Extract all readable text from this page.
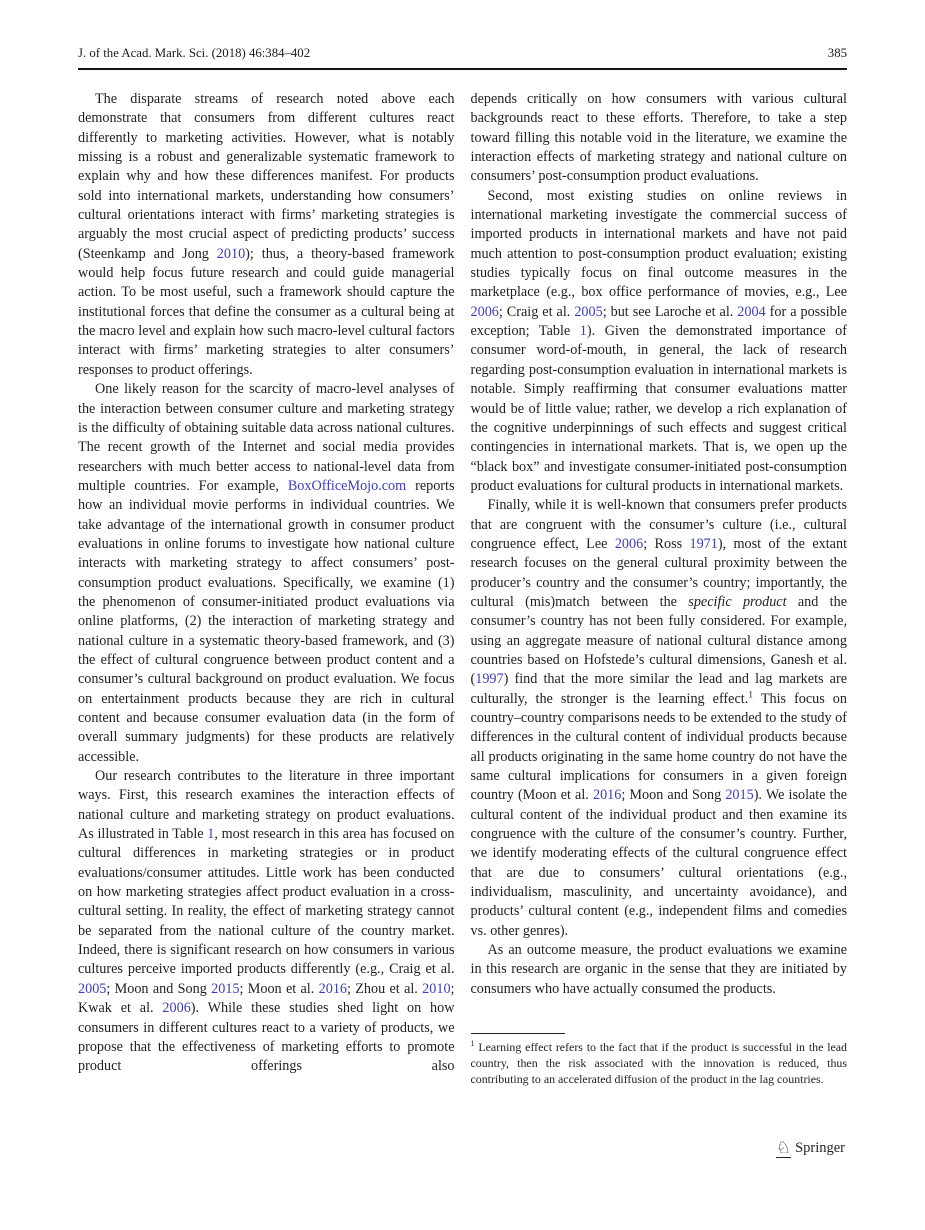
J. of the Acad. Mark. Sci. (2018) 46:384–402	385

The disparate streams of research noted above each demonstrate that consumers from different cultures react differently to marketing activities. However, what is notably missing is a robust and generalizable systematic framework to explain why and how these differences manifest. For products sold into international markets, understanding how consumers’ cultural orientations interact with firms’ marketing strategies is arguably the most crucial aspect of predicting products’ success (Steenkamp and Jong 2010); thus, a theory-based framework would help focus future research and could guide managerial action. To be most useful, such a framework should capture the institutional forces that define the consumer as a cultural being at the macro level and explain how such macro-level cultural factors interact with firms’ marketing strategies to alter consumers’ responses to product offerings.

One likely reason for the scarcity of macro-level analyses of the interaction between consumer culture and marketing strategy is the difficulty of obtaining suitable data across national cultures. The recent growth of the Internet and social media provides researchers with much better access to national-level data from multiple countries. For example, BoxOfficeMojo.com reports how an individual movie performs in individual countries. We take advantage of the international growth in consumer product evaluations in online forums to investigate how national culture interacts with marketing strategy to affect consumers’ post-consumption product evaluations. Specifically, we examine (1) the phenomenon of consumer-initiated product evaluations via online platforms, (2) the interaction of marketing strategy and national culture in a systematic theory-based framework, and (3) the effect of cultural congruence between product content and a consumer’s cultural background on product evaluation. We focus on entertainment products because they are rich in cultural content and because consumer evaluation data (in the form of overall summary judgments) for these products are relatively accessible.

Our research contributes to the literature in three important ways. First, this research examines the interaction effects of national culture and marketing strategy on product evaluations. As illustrated in Table 1, most research in this area has focused on cultural differences in marketing strategies or in product evaluations/consumer attitudes. Little work has been conducted on how marketing strategies affect product evaluation in a cross-cultural setting. In reality, the effect of marketing strategy cannot be separated from the national culture of the country market. Indeed, there is significant research on how consumers in various cultures perceive imported products differently (e.g., Craig et al. 2005; Moon and Song 2015; Moon et al. 2016; Zhou et al. 2010; Kwak et al. 2006). While these studies shed light on how consumers in different cultures react to a variety of products, we propose that the effectiveness of marketing efforts to promote product offerings also

depends critically on how consumers with various cultural backgrounds react to these efforts. Therefore, to take a step toward filling this notable void in the literature, we examine the interaction effects of marketing strategy and national culture on consumers’ post-consumption product evaluations.

Second, most existing studies on online reviews in international marketing investigate the commercial success of imported products in international markets and have not paid much attention to post-consumption product evaluation; existing studies typically focus on final outcome measures in the marketplace (e.g., box office performance of movies, e.g., Lee 2006; Craig et al. 2005; but see Laroche et al. 2004 for a possible exception; Table 1). Given the demonstrated importance of consumer word-of-mouth, in general, the lack of research regarding post-consumption evaluation in international markets is notable. Simply reaffirming that consumer evaluations matter would be of little value; rather, we develop a rich explanation of the cognitive underpinnings of such effects and suggest critical contingencies in international markets. That is, we open up the “black box” and investigate consumer-initiated post-consumption product evaluations for cultural products in international markets.

Finally, while it is well-known that consumers prefer products that are congruent with the consumer’s culture (i.e., cultural congruence effect, Lee 2006; Ross 1971), most of the extant research focuses on the general cultural proximity between the producer’s country and the consumer’s country; importantly, the cultural (mis)match between the specific product and the consumer’s country has not been fully considered. For example, using an aggregate measure of national cultural distance among countries based on Hofstede’s cultural dimensions, Ganesh et al. (1997) find that the more similar the lead and lag markets are culturally, the stronger is the learning effect.$^1$ This focus on country–country comparisons needs to be extended to the study of differences in the cultural content of individual products because all products originating in the same home country do not have the same cultural implications for consumers in a given foreign country (Moon et al. 2016; Moon and Song 2015). We isolate the cultural content of the individual product and then examine its congruence with the culture of the consumer’s country. Further, we identify moderating effects of the cultural congruence effect that are due to consumers’ cultural orientations (e.g., individualism, masculinity, and uncertainty avoidance), and products’ cultural content (e.g., independent films and comedies vs. other genres).

As an outcome measure, the product evaluations we examine in this research are organic in the sense that they are initiated by consumers who have actually consumed the products.

$^1$ Learning effect refers to the fact that if the product is successful in the lead country, then the risk associated with the innovation is reduced, thus contributing to an accelerated diffusion of the product in the lag countries.

♘ Springer
